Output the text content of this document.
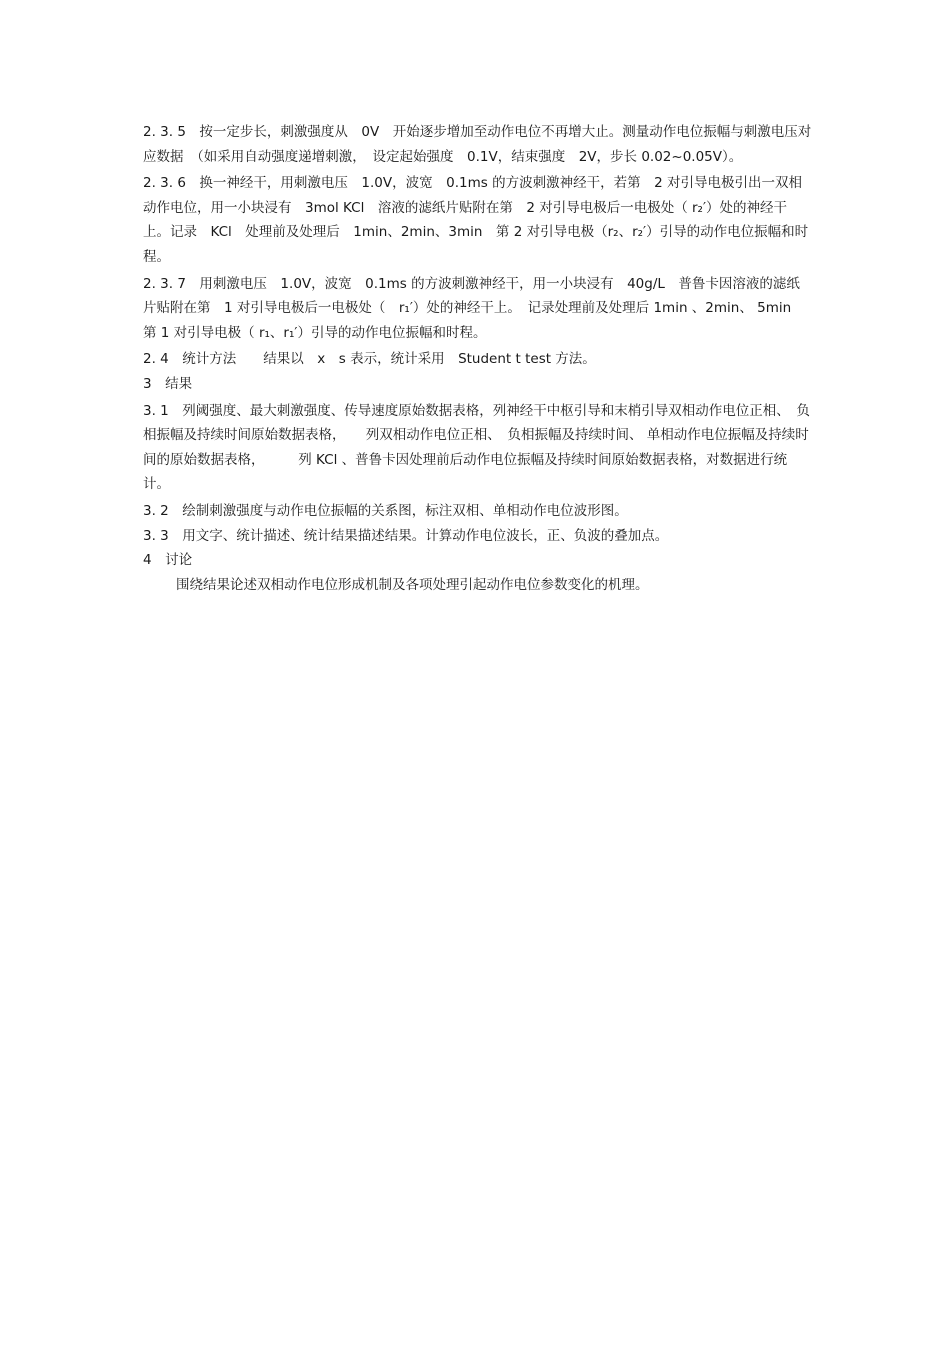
2. 3. 5　按一定步长，刺激强度从　0V　开始逐步增加至动作电位不再增大止。测量动作电位振幅与刺激电压对应数据　（如采用自动强度递增刺激，　设定起始强度　0.1V，结束强度　2V，步长 0.02~0.05V）。

2. 3. 6　换一神经干，用刺激电压　1.0V，波宽　0.1ms 的方波刺激神经干，若第　2 对引导电极引出一双相动作电位，用一小块浸有　3mol KCl　溶液的滤纸片贴附在第　2 对引导电极后一电极处（ r₂′）处的神经干上。记录　KCl　处理前及处理后　1min、2min、3min　第 2 对引导电极（r₂、r₂′）引导的动作电位振幅和时程。

2. 3. 7　用刺激电压　1.0V，波宽　0.1ms 的方波刺激神经干，用一小块浸有　40g/L　普鲁卡因溶液的滤纸片贴附在第　1 对引导电极后一电极处（　r₁′）处的神经干上。　记录处理前及处理后 1min 、2min、 5min　第 1 对引导电极（ r₁、r₁′）引导的动作电位振幅和时程。

2. 4　统计方法　　结果以　x　s 表示，统计采用　Student t test 方法。

3　结果

3. 1　列阈强度、最大刺激强度、传导速度原始数据表格，列神经干中枢引导和末梢引导双相动作电位正相、　负相振幅及持续时间原始数据表格，　　列双相动作电位正相、　负相振幅及持续时间、 单相动作电位振幅及持续时间的原始数据表格，　　　列 KCl 、普鲁卡因处理前后动作电位振幅及持续时间原始数据表格，对数据进行统计。

3. 2　绘制刺激强度与动作电位振幅的关系图，标注双相、单相动作电位波形图。

3. 3　用文字、统计描述、统计结果描述结果。计算动作电位波长，正、负波的叠加点。

4　讨论

围绕结果论述双相动作电位形成机制及各项处理引起动作电位参数变化的机理。
